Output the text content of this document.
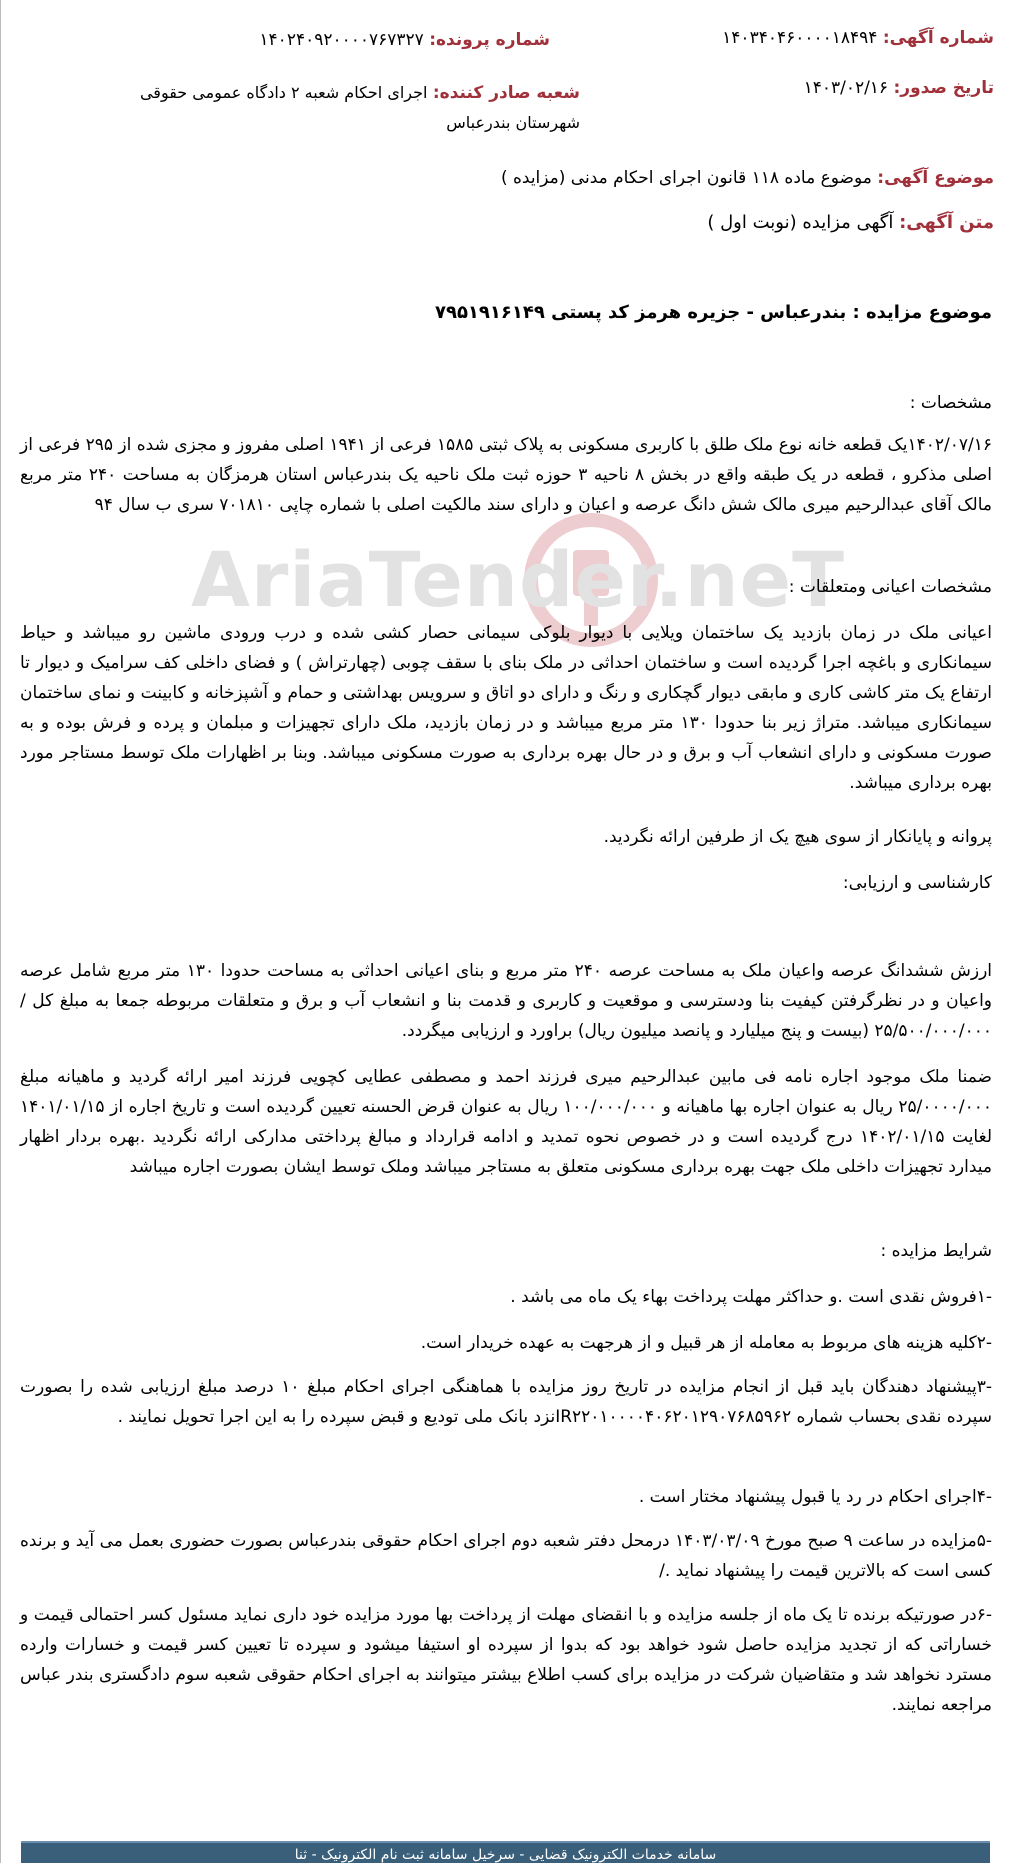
شماره آگهی: ۱۴۰۳۴۰۴۶۰۰۰۰۱۸۴۹۴
شماره پرونده: ۱۴۰۲۴۰۹۲۰۰۰۰۷۶۷۳۲۷
تاریخ صدور: ۱۴۰۳/۰۲/۱۶
شعبه صادر کننده: اجرای احکام شعبه ۲ دادگاه عمومی حقوقی شهرستان بندرعباس
موضوع آگهی: موضوع ماده ۱۱۸ قانون اجرای احکام مدنی (مزایده )
متن آگهی: آگهی مزایده (نوبت اول )
موضوع مزایده : بندرعباس - جزیره هرمز کد پستی ۷۹۵۱۹۱۶۱۴۹
مشخصات :
۱۴۰۲/۰۷/۱۶یک قطعه خانه نوع ملک طلق با کاربری مسکونی به پلاک ثبتی ۱۵۸۵ فرعی از ۱۹۴۱ اصلی مفروز و مجزی شده از ۲۹۵ فرعی از اصلی مذکرو ، قطعه در یک طبقه واقع در بخش ۸ ناحیه ۳ حوزه ثبت ملک ناحیه یک بندرعباس استان هرمزگان به مساحت ۲۴۰ متر مربع مالک آقای عبدالرحیم میری مالک شش دانگ عرصه و اعیان و دارای سند مالکیت اصلی با شماره چاپی ۷۰۱۸۱۰ سری ب سال ۹۴
AriaTender.neT
مشخصات اعیانی ومتعلقات :
اعیانی ملک در زمان بازدید یک ساختمان ویلایی با دیوار بلوکی سیمانی حصار کشی شده و درب ورودی ماشین رو میباشد و حیاط سیمانکاری و باغچه اجرا گردیده است و ساختمان احداثی در ملک بنای با سقف چوبی (چهارتراش ) و فضای داخلی کف سرامیک و دیوار تا ارتفاع یک متر کاشی کاری و مابقی دیوار گچکاری و رنگ و دارای دو اتاق و سرویس بهداشتی و حمام و آشپزخانه و کابینت و نمای ساختمان سیمانکاری میباشد. متراژ زیر بنا حدودا ۱۳۰ متر مربع میباشد و در زمان بازدید، ملک دارای تجهیزات و مبلمان و پرده و فرش بوده و به صورت مسکونی و دارای انشعاب آب و برق و در حال بهره برداری به صورت مسکونی میباشد. وبنا بر اظهارات ملک توسط مستاجر مورد بهره برداری میباشد.
پروانه و پایانکار از سوی هیچ یک از طرفین ارائه نگردید.
کارشناسی و ارزیابی:
ارزش ششدانگ عرصه واعیان ملک به مساحت عرصه ۲۴۰ متر مربع و بنای اعیانی احداثی به مساحت حدودا ۱۳۰ متر مربع شامل عرصه واعیان و در نظرگرفتن کیفیت بنا ودسترسی و موقعیت و کاربری و قدمت بنا و انشعاب آب و برق و متعلقات مربوطه جمعا به مبلغ کل /۲۵/۵۰۰/۰۰۰/۰۰۰ (بیست و پنج میلیارد و پانصد میلیون ریال) براورد و ارزیابی میگردد.
ضمنا ملک موجود اجاره نامه فی مابین عبدالرحیم میری فرزند احمد و مصطفی عطایی کچویی فرزند امیر ارائه گردید و ماهیانه مبلغ ۲۵/۰۰۰۰/۰۰۰ ریال به عنوان اجاره بها ماهیانه و ۱۰۰/۰۰۰/۰۰۰ ریال به عنوان قرض الحسنه تعیین گردیده است و تاریخ اجاره از ۱۴۰۱/۰۱/۱۵ لغایت ۱۴۰۲/۰۱/۱۵ درج گردیده است و در خصوص نحوه تمدید و ادامه قرارداد و مبالغ پرداختی مدارکی ارائه نگردید .بهره بردار اظهار میدارد تجهیزات داخلی ملک جهت بهره برداری مسکونی متعلق به مستاجر میباشد وملک توسط ایشان بصورت اجاره میباشد
شرایط مزایده :
-۱فروش نقدی است .و حداکثر مهلت پرداخت بهاء یک ماه می باشد .
-۲کلیه هزینه های مربوط به معامله از هر قبیل و از هرجهت به عهده خریدار است.
-۳پیشنهاد دهندگان باید قبل از انجام مزایده در تاریخ روز مزایده با هماهنگی اجرای احکام مبلغ ۱۰ درصد مبلغ ارزیابی شده را بصورت سپرده نقدی بحساب شماره IR۲۲۰۱۰۰۰۰۴۰۶۲۰۱۲۹۰۷۶۸۵۹۶۲نزد بانک ملی تودیع و قبض سپرده را به این اجرا تحویل نمایند .
-۴اجرای احکام در رد یا قبول پیشنهاد مختار است .
-۵مزایده در ساعت ۹ صبح مورخ ۱۴۰۳/۰۳/۰۹ درمحل دفتر شعبه دوم اجرای احکام حقوقی بندرعباس بصورت حضوری بعمل می آید و برنده کسی است که بالاترین قیمت را پیشنهاد نماید ./
-۶در صورتیکه برنده تا یک ماه از جلسه مزایده و با انقضای مهلت از پرداخت بها مورد مزایده خود داری نماید مسئول کسر احتمالی قیمت و خساراتی که از تجدید مزایده حاصل شود خواهد بود که بدوا از سپرده او استیفا میشود و سپرده تا تعیین کسر قیمت و خسارات وارده مسترد نخواهد شد و متقاضیان شرکت در مزایده برای کسب اطلاع بیشتر میتوانند به اجرای احکام حقوقی شعبه سوم دادگستری بندر عباس مراجعه نمایند.
سامانه خدمات الکترونیک قضایی - سرخیل سامانه ثبت نام الکترونیک - ثنا
